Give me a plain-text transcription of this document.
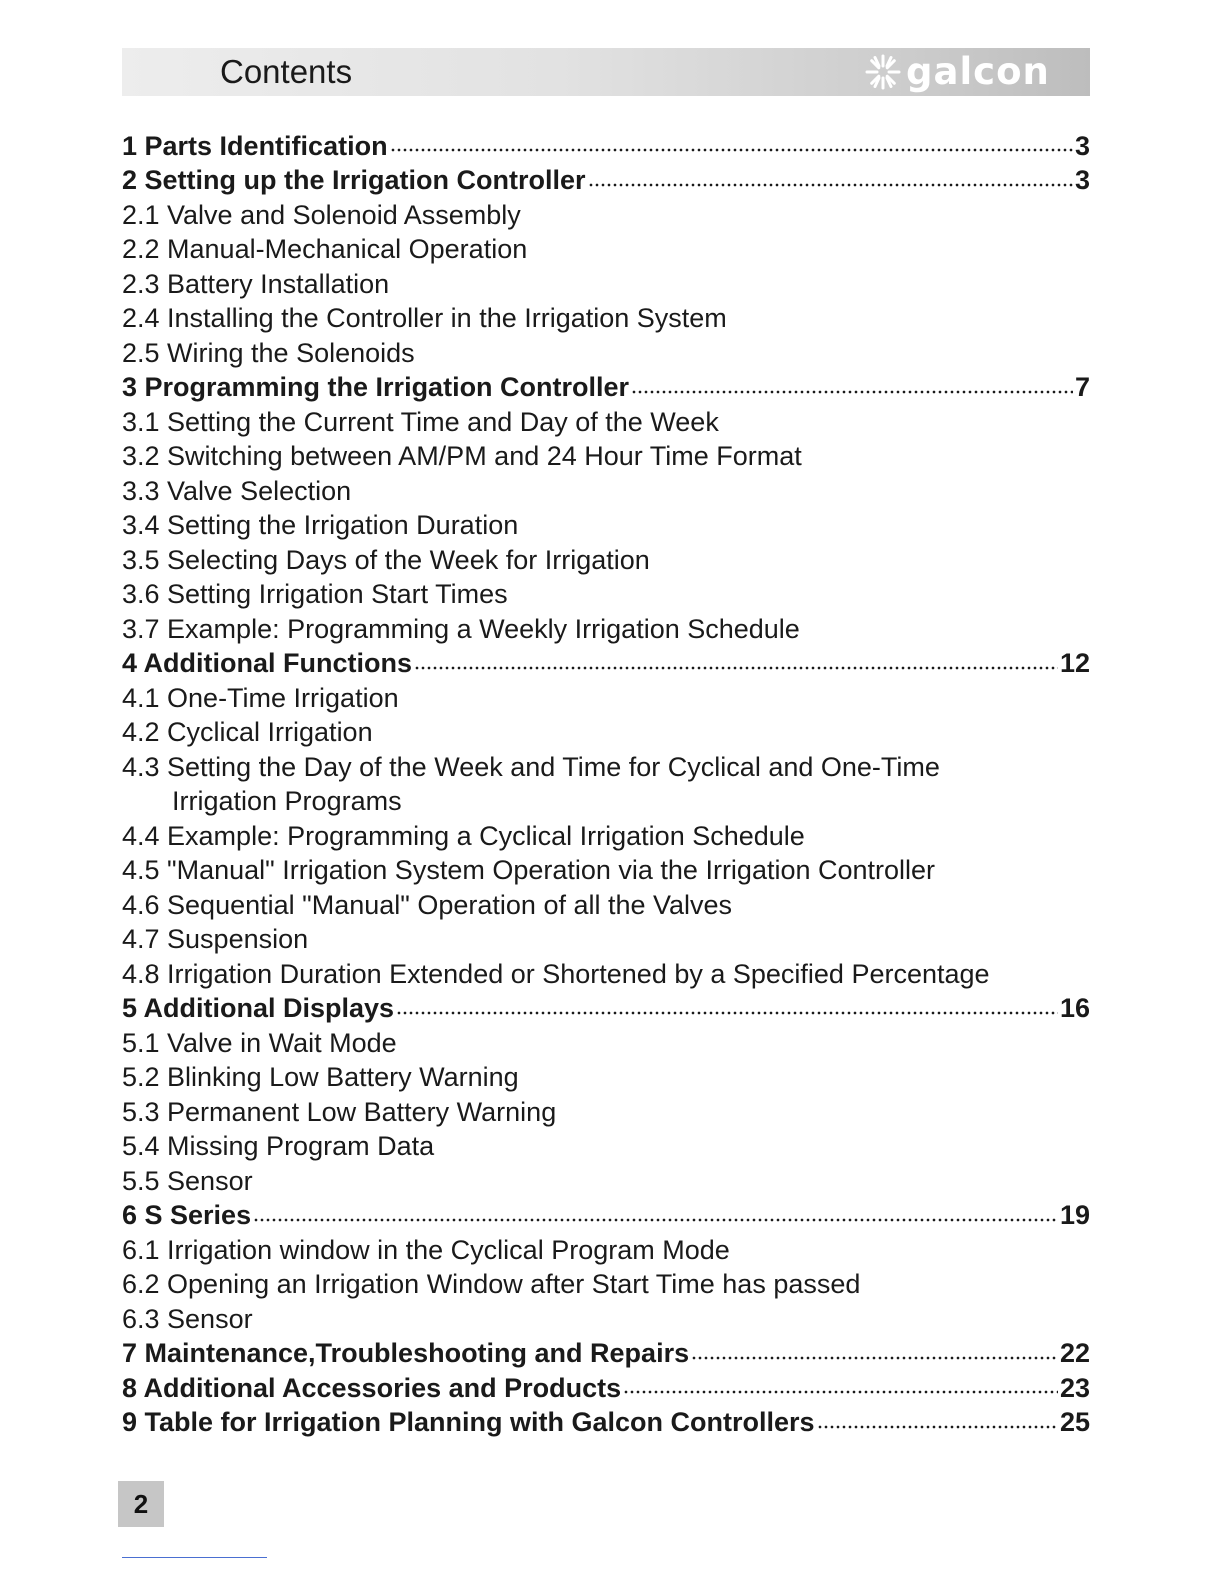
Contents	galcon
1 Parts Identification	3
2 Setting up the Irrigation Controller	3
2.1 Valve and Solenoid Assembly
2.2 Manual-Mechanical Operation
2.3 Battery Installation
2.4 Installing the Controller in the Irrigation System
2.5 Wiring the Solenoids
3 Programming the Irrigation Controller	7
3.1 Setting the Current Time and Day of the Week
3.2 Switching between AM/PM and 24 Hour Time Format
3.3 Valve Selection
3.4 Setting the Irrigation Duration
3.5 Selecting Days of the Week for Irrigation
3.6 Setting Irrigation Start Times
3.7 Example: Programming a Weekly Irrigation Schedule
4 Additional Functions	12
4.1 One-Time Irrigation
4.2 Cyclical Irrigation
4.3 Setting the Day of the Week and Time for Cyclical and One-Time
Irrigation Programs
4.4 Example: Programming a Cyclical Irrigation Schedule
4.5 "Manual" Irrigation System Operation via the Irrigation Controller
4.6 Sequential "Manual" Operation of all the Valves
4.7 Suspension
4.8 Irrigation Duration Extended or Shortened by a Specified Percentage
5 Additional Displays	16
5.1 Valve in Wait Mode
5.2 Blinking Low Battery Warning
5.3 Permanent Low Battery Warning
5.4 Missing Program Data
5.5 Sensor
6 S Series	19
6.1 Irrigation window in the Cyclical Program Mode
6.2 Opening an Irrigation Window after Start Time has passed
6.3 Sensor
7 Maintenance,Troubleshooting and Repairs	22
8 Additional Accessories and Products	23
9 Table for Irrigation Planning with Galcon Controllers	25
2
